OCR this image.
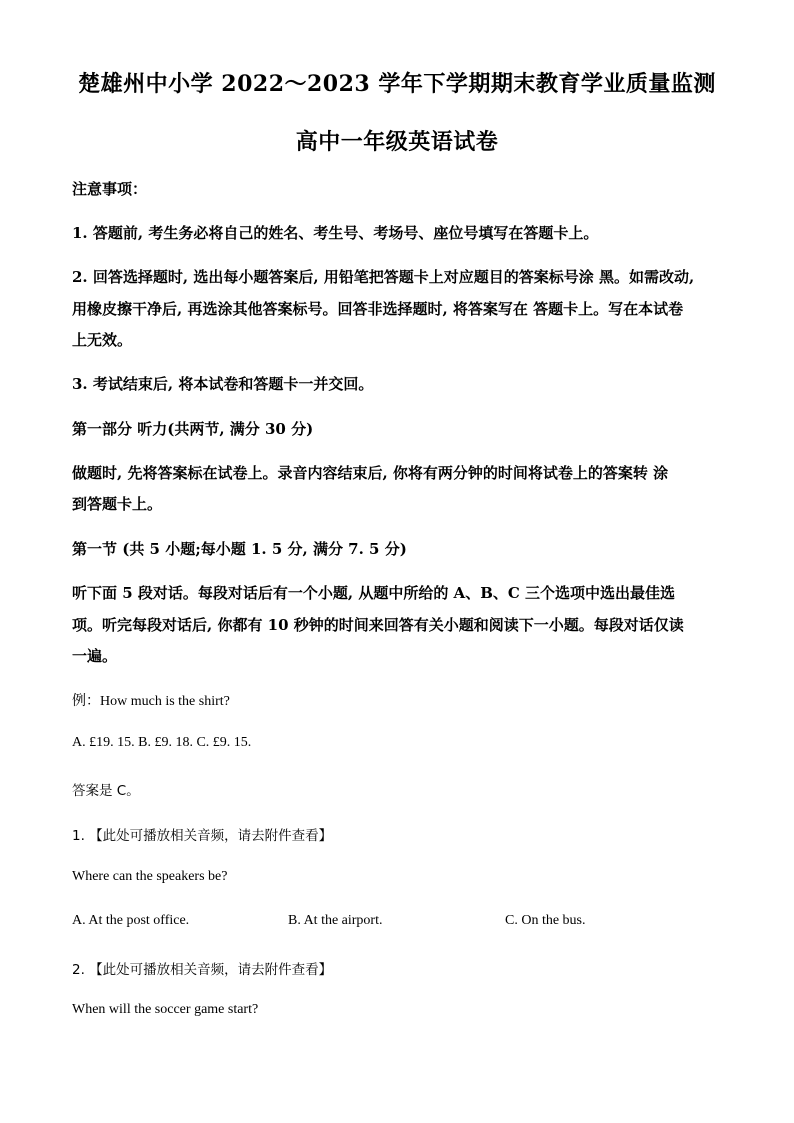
楚雄州中小学 2022～2023 学年下学期期末教育学业质量监测
高中一年级英语试卷
注意事项：
1. 答题前, 考生务必将自己的姓名、考生号、考场号、座位号填写在答题卡上。
2. 回答选择题时, 选出每小题答案后, 用铅笔把答题卡上对应题目的答案标号涂 黑。如需改动,
用橡皮擦干净后, 再选涂其他答案标号。回答非选择题时, 将答案写在 答题卡上。写在本试卷
上无效。
3. 考试结束后, 将本试卷和答题卡一并交回。
第一部分 听力(共两节, 满分 30 分)
做题时, 先将答案标在试卷上。录音内容结束后, 你将有两分钟的时间将试卷上的答案转 涂
到答题卡上。
第一节 (共 5 小题;每小题 1. 5 分, 满分 7. 5 分)
听下面 5 段对话。每段对话后有一个小题, 从题中所给的 A、B、C 三个选项中选出最佳选
项。听完每段对话后, 你都有 10 秒钟的时间来回答有关小题和阅读下一小题。每段对话仅读
一遍。
例：How much is the shirt?
A. £19. 15. B. £9. 18. C. £9. 15.
答案是 C。
1. 【此处可播放相关音频，请去附件查看】
Where can the speakers be?
A. At the post office.	B. At the airport.	C. On the bus.
2. 【此处可播放相关音频，请去附件查看】
When will the soccer game start?
